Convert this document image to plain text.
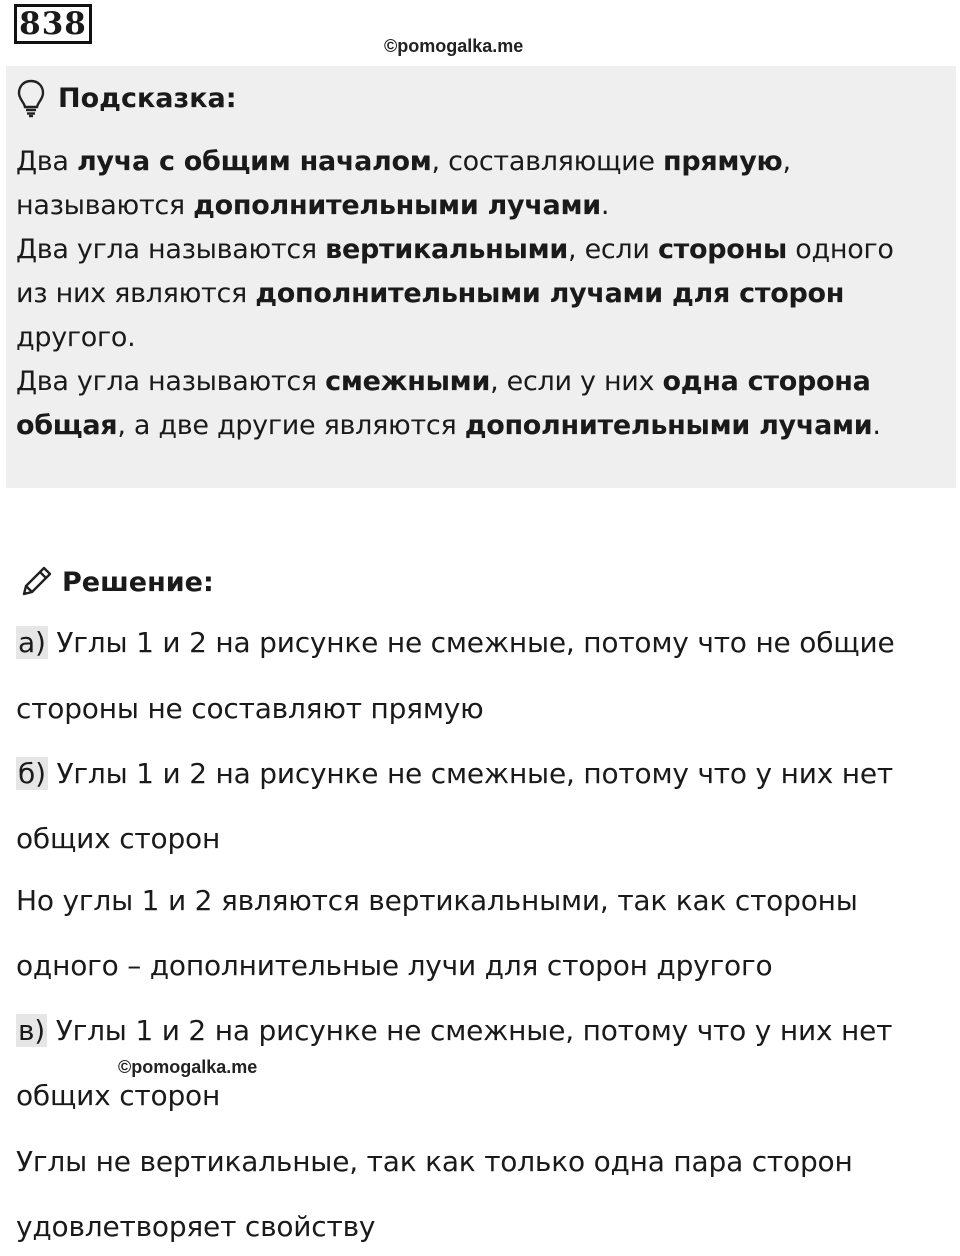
838
©pomogalka.me
Подсказка:

Два луча с общим началом, составляющие прямую,
называются дополнительными лучами.

Два угла называются вертикальными, если стороны одного
из них являются дополнительными лучами для сторон
другого.

Два угла называются смежными, если у них одна сторона
общая, а две другие являются дополнительными лучами.

Решение:
а) Углы 1 и 2 на рисунке не смежные, потому что не общие
стороны не составляют прямую
б) Углы 1 и 2 на рисунке не смежные, потому что у них нет
общих сторон
Но углы 1 и 2 являются вертикальными, так как стороны
одного – дополнительные лучи для сторон другого
в) Углы 1 и 2 на рисунке не смежные, потому что у них нет
©pomogalka.me
общих сторон
Углы не вертикальные, так как только одна пара сторон
удовлетворяет свойству
